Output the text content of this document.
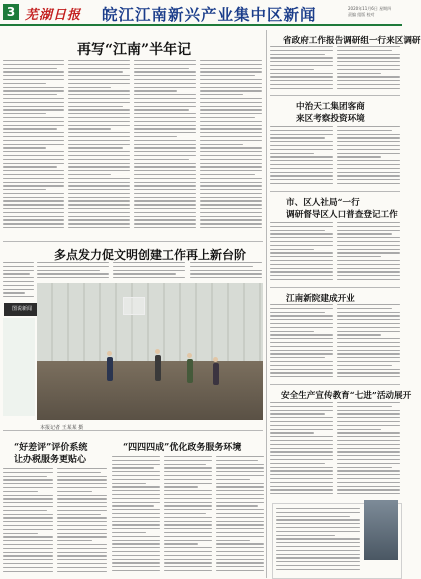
3 芜湖日报 皖江江南新兴产业集中区新闻	2020年11月6日 星期四
责编 组版 校对
再写“江南”半年记
多点发力促文明创建工作再上新台阶
图说新闻
本报记者 王某某 摄
“好差评”评价系统
让办税服务更贴心
“四四四成”优化政务服务环境
省政府工作报告调研组一行来区调研
中治天工集团客商
来区考察投资环境
市、区人社局“一行
调研督导区人口普查登记工作
江南新院建成开业
安全生产宣传教育“七进”活动展开
